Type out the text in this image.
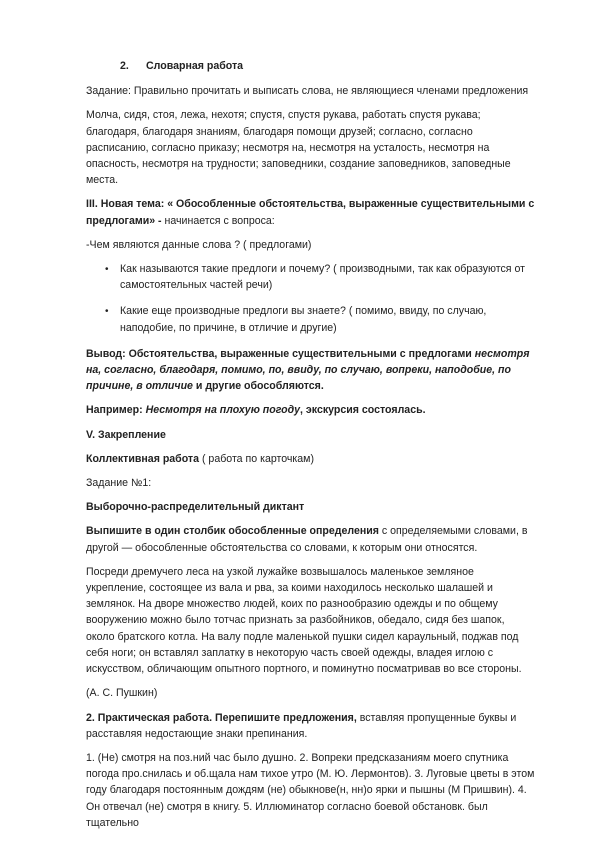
2. Словарная работа

Задание: Правильно прочитать и выписать слова, не являющиеся членами предложения

Молча, сидя, стоя, лежа, нехотя; спустя, спустя рукава, работать спустя рукава; благодаря, благодаря знаниям, благодаря помощи друзей; согласно, согласно расписанию, согласно приказу; несмотря на, несмотря на усталость, несмотря на опасность, несмотря на трудности; заповедники, создание заповедников, заповедные места.

III. Новая тема: « Обособленные обстоятельства, выраженные существительными с предлогами» - начинается с вопроса:

-Чем являются данные слова ? ( предлогами)

• Как называются такие предлоги и почему? ( производными, так как образуются от самостоятельных частей речи)
• Какие еще производные предлоги вы знаете? ( помимо, ввиду, по случаю, наподобие, по причине, в отличие и другие)

Вывод: Обстоятельства, выраженные существительными с предлогами несмотря на, согласно, благодаря, помимо, по, ввиду, по случаю, вопреки, наподобие, по причине, в отличие и другие обособляются.

Например: Несмотря на плохую погоду, экскурсия состоялась.

V. Закрепление

Коллективная работа ( работа по карточкам)

Задание №1:

Выборочно-распределительный диктант

Выпишите в один столбик обособленные определения с определяемыми словами, в другой — обособленные обстоятельства со словами, к которым они относятся.

Посреди дремучего леса на узкой лужайке возвышалось маленькое земляное укрепление, состоящее из вала и рва, за коими находилось несколько шалашей и землянок. На дворе множество людей, коих по разнообразию одежды и по общему вооружению можно было тотчас признать за разбойников, обедало, сидя без шапок, около братского котла. На валу подле маленькой пушки сидел караульный, поджав под себя ноги; он вставлял заплатку в некоторую часть своей одежды, владея иглою с искусством, обличающим опытного портного, и поминутно посматривав во все стороны.

(А. С. Пушкин)

2. Практическая работа. Перепишите предложения, вставляя пропущенные буквы и расставляя недостающие знаки препинания.

1. (Не) смотря на поз.ний час было душно. 2. Вопреки предсказаниям моего спутника погода про.снилась и об.щала нам тихое утро (М. Ю. Лермонтов). 3. Луговые цветы в этом году благодаря постоянным дождям (не) обыкнове(н, нн)о ярки и пышны (М Пришвин). 4. Он отвечал (не) смотря в книгу. 5. Иллюминатор согласно боевой обстановк. был тщательно
